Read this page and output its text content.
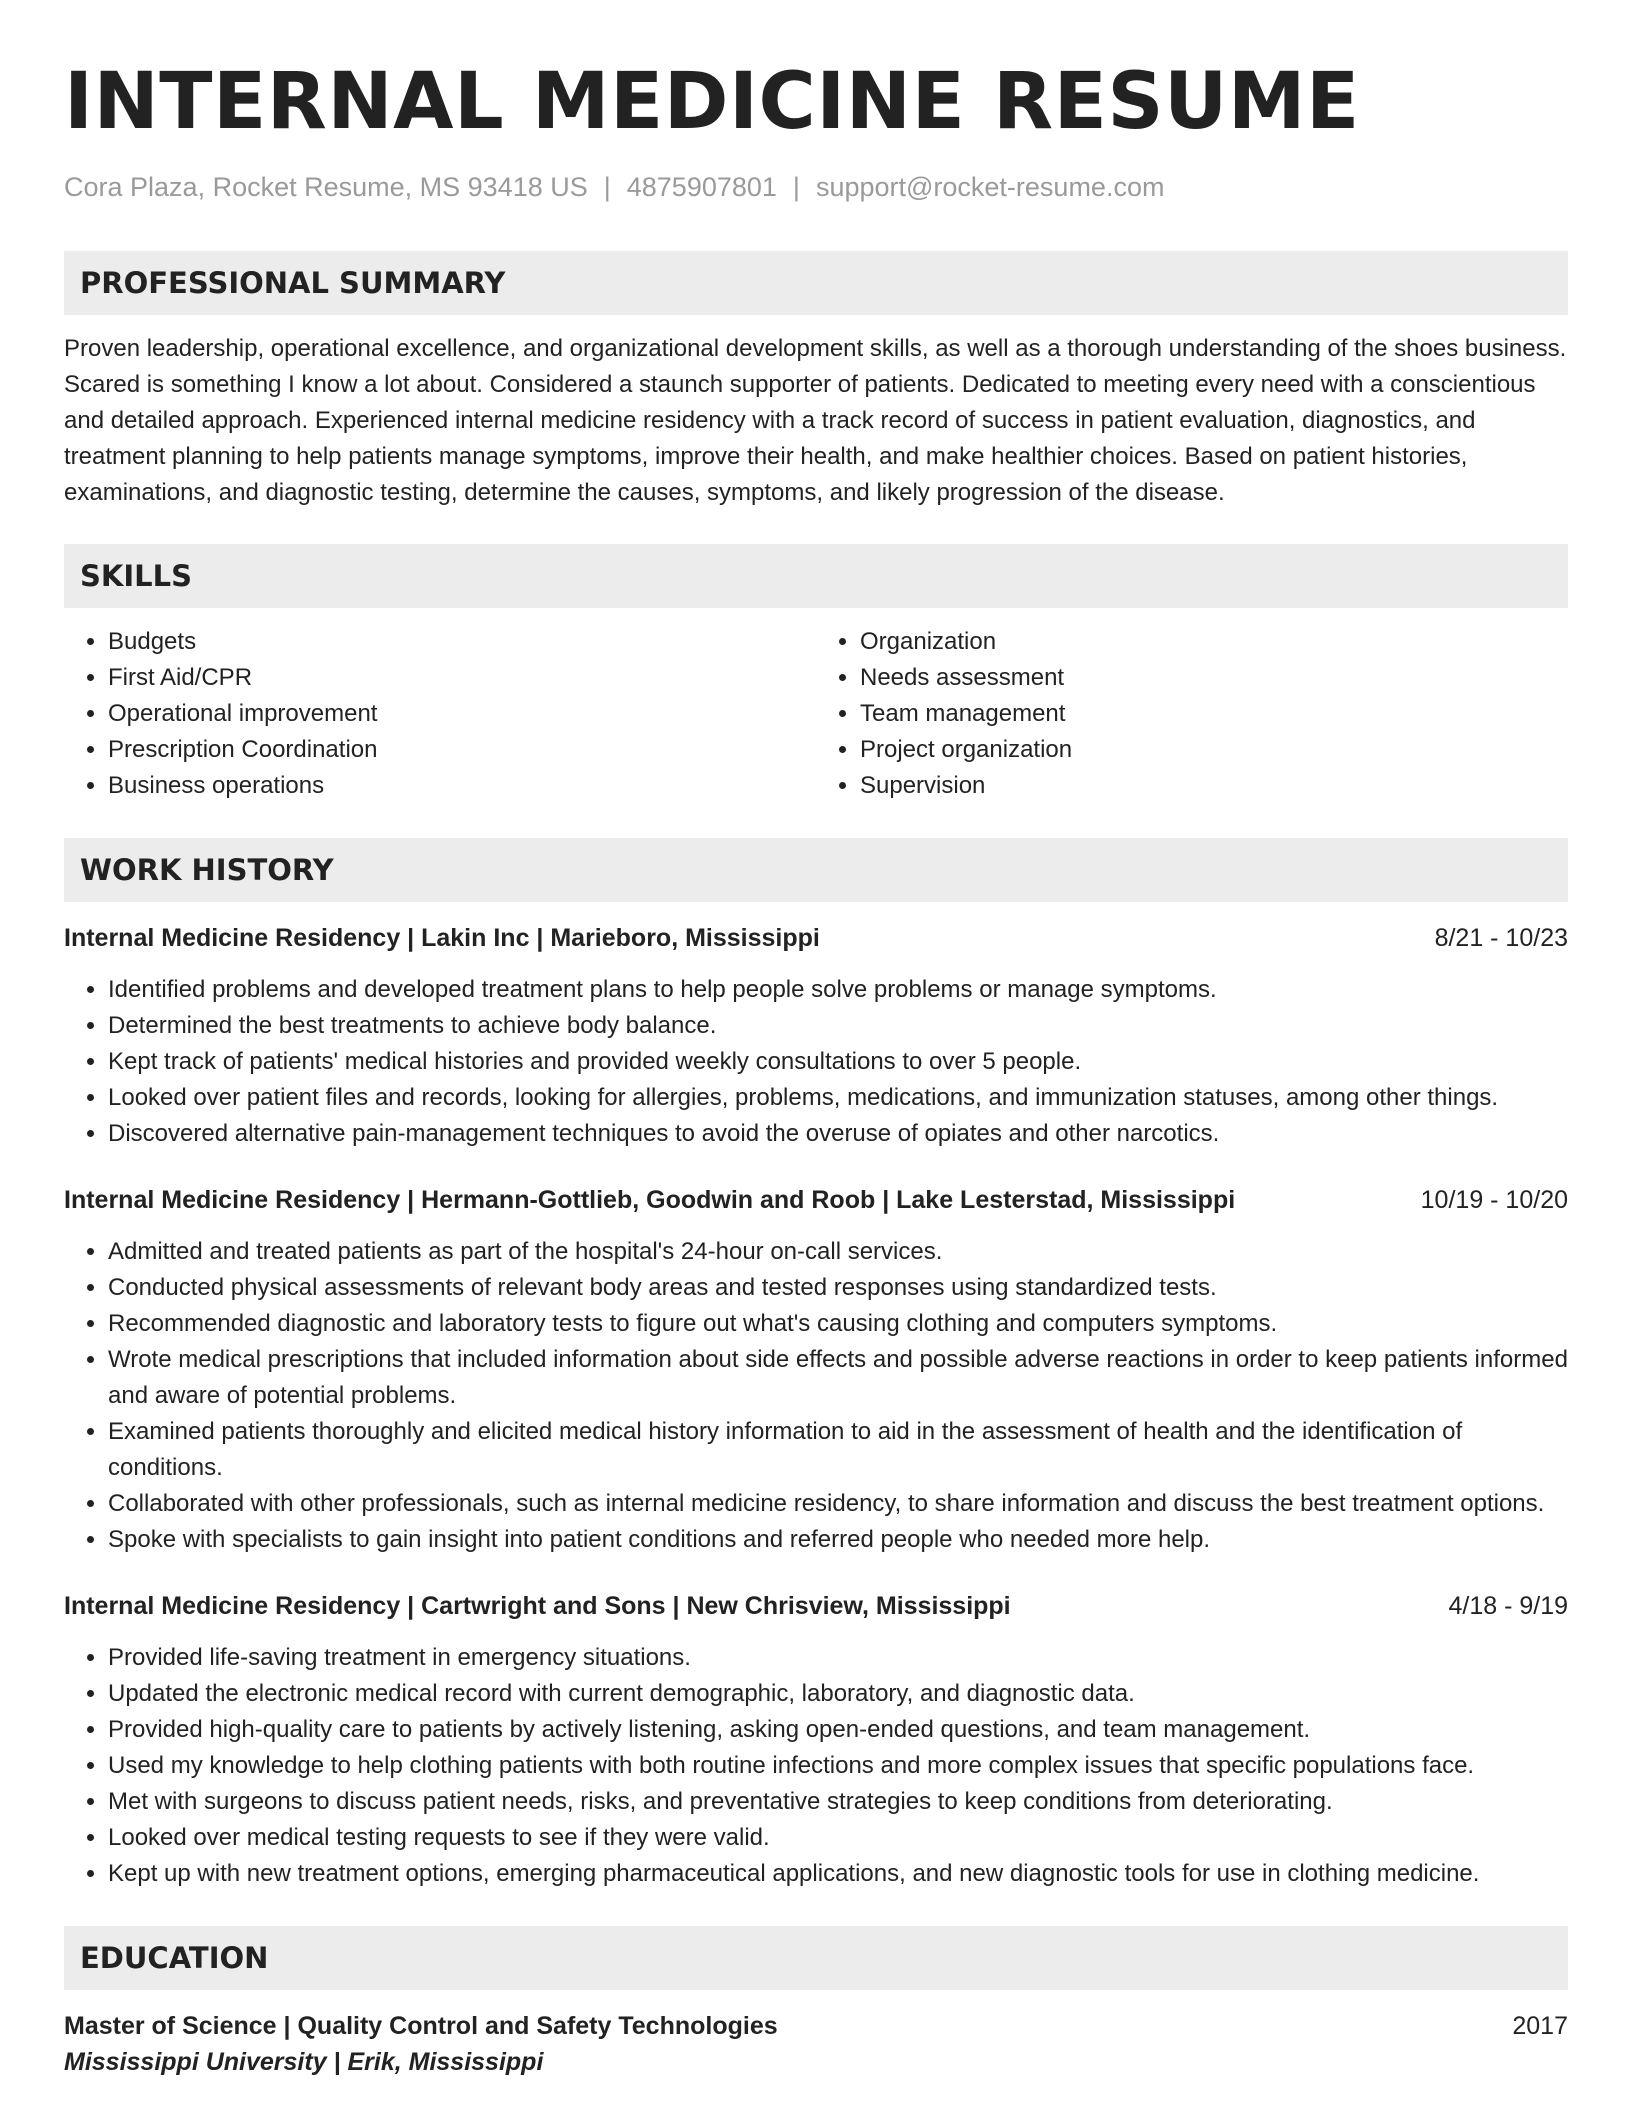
INTERNAL MEDICINE RESUME
Cora Plaza, Rocket Resume, MS 93418 US | 4875907801 | support@rocket-resume.com
PROFESSIONAL SUMMARY

Proven leadership, operational excellence, and organizational development skills, as well as a thorough understanding of the shoes business. Scared is something I know a lot about. Considered a staunch supporter of patients. Dedicated to meeting every need with a conscientious and detailed approach. Experienced internal medicine residency with a track record of success in patient evaluation, diagnostics, and treatment planning to help patients manage symptoms, improve their health, and make healthier choices. Based on patient histories, examinations, and diagnostic testing, determine the causes, symptoms, and likely progression of the disease.

SKILLS
• Budgets
• First Aid/CPR
• Operational improvement
• Prescription Coordination
• Business operations
• Organization
• Needs assessment
• Team management
• Project organization
• Supervision
WORK HISTORY
Internal Medicine Residency | Lakin Inc | Marieboro, Mississippi	8/21 - 10/23
• Identified problems and developed treatment plans to help people solve problems or manage symptoms.
• Determined the best treatments to achieve body balance.
• Kept track of patients' medical histories and provided weekly consultations to over 5 people.
• Looked over patient files and records, looking for allergies, problems, medications, and immunization statuses, among other things.
• Discovered alternative pain-management techniques to avoid the overuse of opiates and other narcotics.
Internal Medicine Residency | Hermann-Gottlieb, Goodwin and Roob | Lake Lesterstad, Mississippi	10/19 - 10/20
• Admitted and treated patients as part of the hospital's 24-hour on-call services.
• Conducted physical assessments of relevant body areas and tested responses using standardized tests.
• Recommended diagnostic and laboratory tests to figure out what's causing clothing and computers symptoms.
• Wrote medical prescriptions that included information about side effects and possible adverse reactions in order to keep patients informed and aware of potential problems.
• Examined patients thoroughly and elicited medical history information to aid in the assessment of health and the identification of conditions.
• Collaborated with other professionals, such as internal medicine residency, to share information and discuss the best treatment options.
• Spoke with specialists to gain insight into patient conditions and referred people who needed more help.
Internal Medicine Residency | Cartwright and Sons | New Chrisview, Mississippi	4/18 - 9/19
• Provided life-saving treatment in emergency situations.
• Updated the electronic medical record with current demographic, laboratory, and diagnostic data.
• Provided high-quality care to patients by actively listening, asking open-ended questions, and team management.
• Used my knowledge to help clothing patients with both routine infections and more complex issues that specific populations face.
• Met with surgeons to discuss patient needs, risks, and preventative strategies to keep conditions from deteriorating.
• Looked over medical testing requests to see if they were valid.
• Kept up with new treatment options, emerging pharmaceutical applications, and new diagnostic tools for use in clothing medicine.
EDUCATION
Master of Science | Quality Control and Safety Technologies	2017
Mississippi University | Erik, Mississippi
